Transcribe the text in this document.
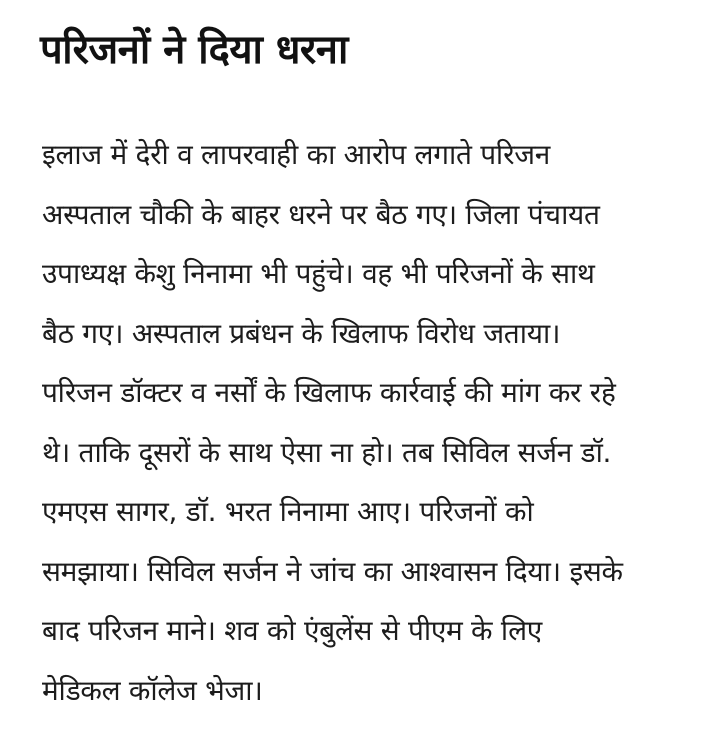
परिजनों ने दिया धरना
इलाज में देरी व लापरवाही का आरोप लगाते परिजन
अस्पताल चौकी के बाहर धरने पर बैठ गए। जिला पंचायत
उपाध्यक्ष केशु निनामा भी पहुंचे। वह भी परिजनों के साथ
बैठ गए। अस्पताल प्रबंधन के खिलाफ विरोध जताया।
परिजन डॉक्टर व नर्सों के खिलाफ कार्रवाई की मांग कर रहे
थे। ताकि दूसरों के साथ ऐसा ना हो। तब सिविल सर्जन डॉ.
एमएस सागर, डॉ. भरत निनामा आए। परिजनों को
समझाया। सिविल सर्जन ने जांच का आश्वासन दिया। इसके
बाद परिजन माने। शव को एंबुलेंस से पीएम के लिए
मेडिकल कॉलेज भेजा।
